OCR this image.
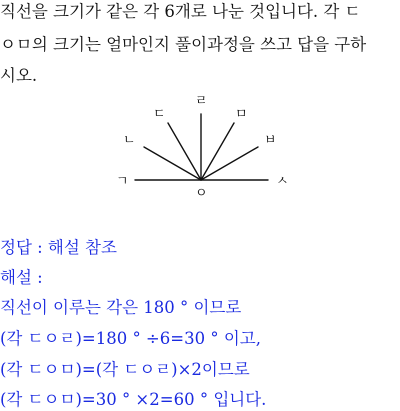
직선을 크기가 같은 각 6개로 나눈 것입니다. 각 ㄷ
ㅇㅁ의 크기는 얼마인지 풀이과정을 쓰고 답을 구하
시오.
ㄱ
ㄴ
ㄷ
ㄹ
ㅁ
ㅂ
ㅅ
ㅇ
정답 : 해설 참조
해설 :
직선이 이루는 각은 180 ° 이므로
(각 ㄷㅇㄹ)=180 ° ÷6=30 ° 이고,
(각 ㄷㅇㅁ)=(각 ㄷㅇㄹ)×2이므로
(각 ㄷㅇㅁ)=30 ° ×2=60 ° 입니다.
